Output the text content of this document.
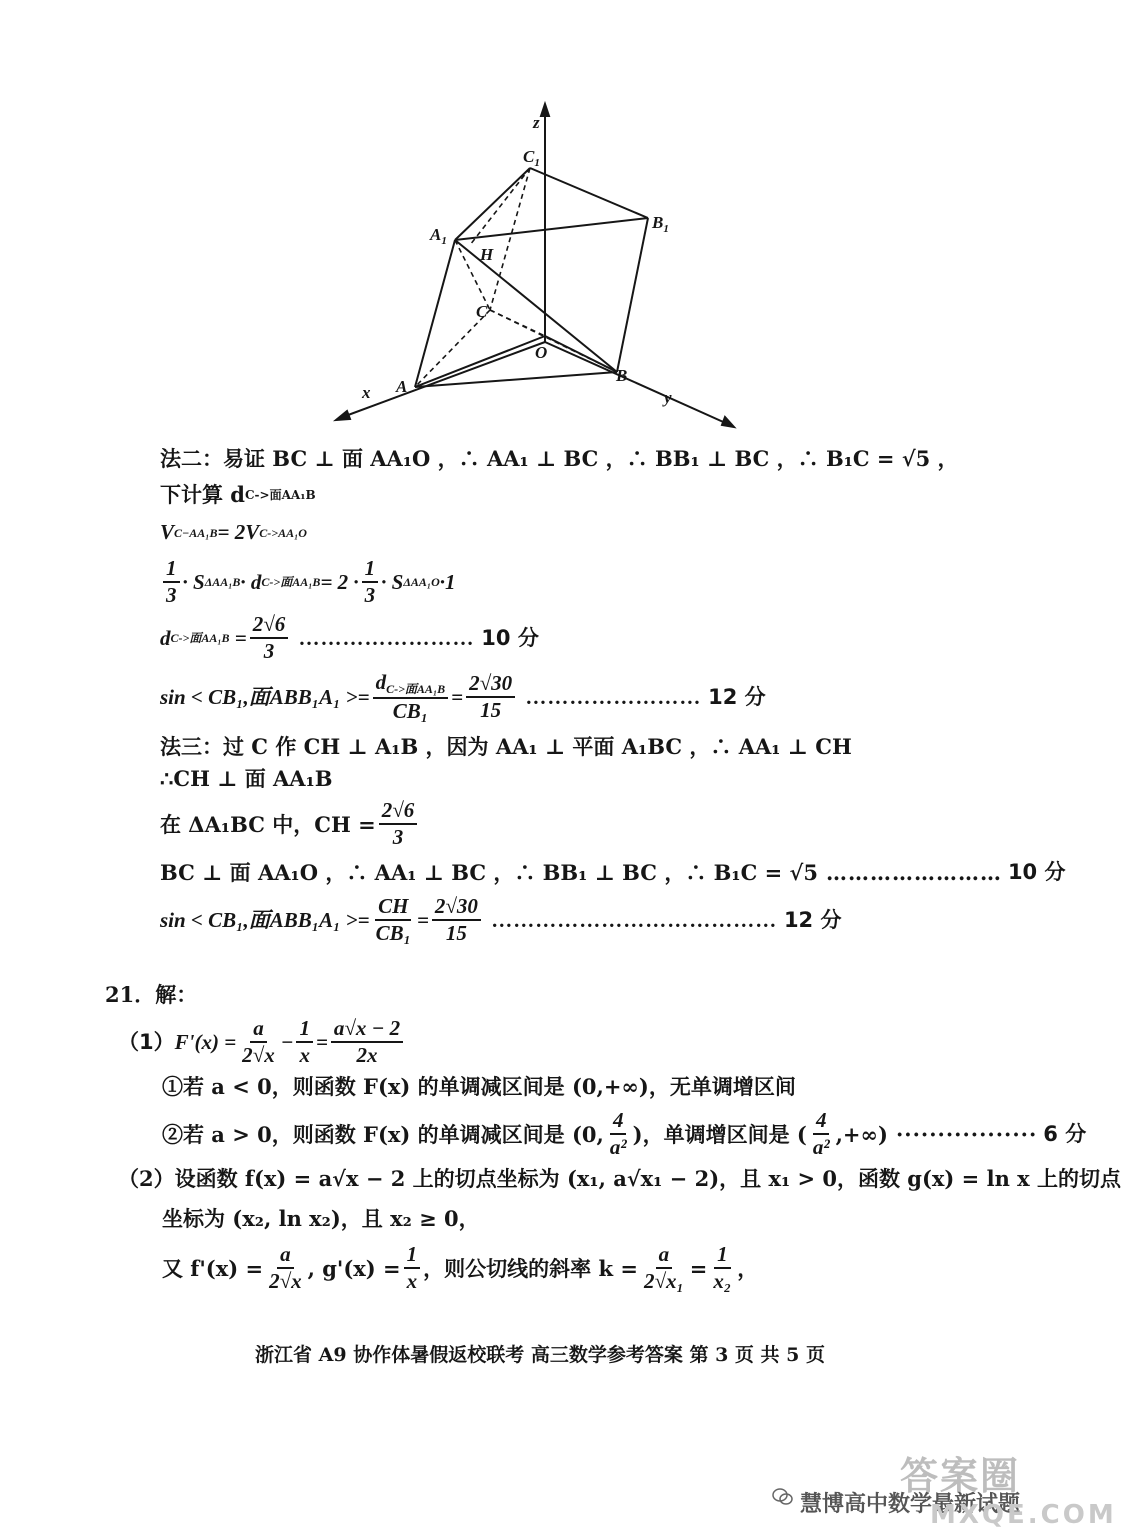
z
$C_1$
$B_1$
$A_1$
H
C
O
A
B
x	y
法二：易证 BC ⊥ 面 AA₁O ，∴ AA₁ ⊥ BC ，∴ BB₁ ⊥ BC ，∴ B₁C = √5 ，
下计算 d C->面AA₁B
V C−AA₁B = 2V C->AA₁O
$\frac{1}{3} \cdot S$ ΔAA₁B · d C->面$AA_1B = 2 \cdot \frac{1}{3} \cdot S$ ΔAA₁O ·1
d C->面$AA_1B = \frac{2√6}{3}$ …………………… 10 分
sin < CB₁,面$ABB_1A_1 >= \frac{d_{C->面AA_1B}}{\text{CB₁}} = \frac{2√30}{15}$ …………………… 12 分
法三：过 C 作 CH ⊥ A₁B ，因为 AA₁ ⊥ 平面 A₁BC ，∴ AA₁ ⊥ CH
∴CH ⊥ 面 AA₁B
在 ΔA₁BC 中，CH = $\frac{2√6}{3}$
BC ⊥ 面 AA₁O ，∴ AA₁ ⊥ BC ，∴ BB₁ ⊥ BC ，∴ B₁C = √5 …………………… 10 分
sin < CB₁,面$ABB_1A_1 >= \frac{CH}{\text{CB₁}} = \frac{2√30}{15}$ ………………………………… 12 分
21．解：
（1） $F'(x) = \frac{a}{2√x} - \frac{1}{x} = \frac{a√x - 2}{2x}$
①若 a < 0，则函数 F(x) 的单调减区间是 (0,+∞)，无单调增区间
②若 a > 0，则函数 F(x) 的单调减区间是 (0, $\frac{4}{\text{a²}}$ )，单调增区间是 ( $\frac{4}{\text{a²}}$ ,+∞) ················· 6 分
（2） 设函数 f(x) = a√x − 2 上的切点坐标为 (x₁, a√x₁ − 2)，且 x₁ > 0，函数 g(x) = ln x 上的切点
坐标为 (x₂, ln x₂)，且 x₂ ≥ 0，
又 $f'(x) = \frac{a}{2√x}$ , $g'(x) = \frac{1}{x}$ ，则公切线的斜率 $k = \frac{a}{\text{2√x₁}} = \frac{1}{\text{x₂}}$ ，
浙江省 A9 协作体暑假返校联考 高三数学参考答案 第 3 页 共 5 页
答案圈
慧博高中数学最新试题
MXQE.COM
